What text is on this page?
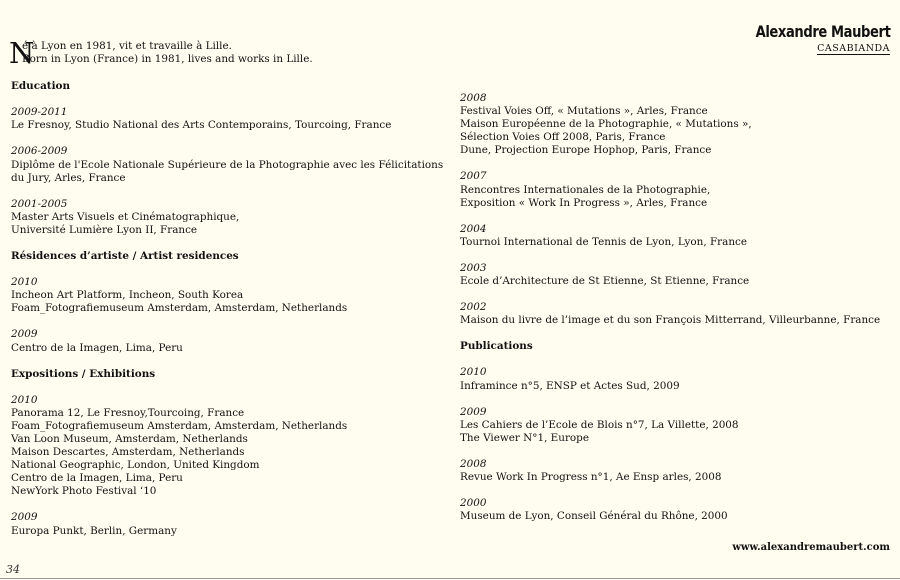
Alexandre Maubert
CASABIANDA
N
é à Lyon en 1981, vit et travaille à Lille.
Born in Lyon (France) in 1981, lives and works in Lille.
Education
2009-2011
Le Fresnoy, Studio National des Arts Contemporains, Tourcoing, France
2006-2009
Diplôme de l'Ecole Nationale Supérieure de la Photographie avec les Félicitations du Jury, Arles, France
2001-2005
Master Arts Visuels et Cinématographique,
Université Lumière Lyon II, France
Résidences d’artiste / Artist residences
2010
Incheon Art Platform, Incheon, South Korea
Foam_Fotografiemuseum Amsterdam, Amsterdam, Netherlands
2009
Centro de la Imagen, Lima, Peru
Expositions / Exhibitions
2010
Panorama 12, Le Fresnoy,Tourcoing, France
Foam_Fotografiemuseum Amsterdam, Amsterdam, Netherlands
Van Loon Museum, Amsterdam, Netherlands
Maison Descartes, Amsterdam, Netherlands
National Geographic, London, United Kingdom
Centro de la Imagen, Lima, Peru
NewYork Photo Festival ‘10
2009
Europa Punkt, Berlin, Germany
2008
Festival Voies Off, « Mutations », Arles, France
Maison Européenne de la Photographie, « Mutations »,
Sélection Voies Off 2008, Paris, France
Dune, Projection Europe Hophop, Paris, France
2007
Rencontres Internationales de la Photographie,
Exposition « Work In Progress », Arles, France
2004
Tournoi International de Tennis de Lyon, Lyon, France
2003
Ecole d’Architecture de St Etienne, St Etienne, France
2002
Maison du livre de l’image et du son François Mitterrand, Villeurbanne, France
Publications
2010
Inframince n°5, ENSP et Actes Sud, 2009
2009
Les Cahiers de l’Ecole de Blois n°7, La Villette, 2008
The Viewer N°1, Europe
2008
Revue Work In Progress n°1, Ae Ensp arles, 2008
2000
Museum de Lyon, Conseil Général du Rhône, 2000
www.alexandremaubert.com
34
